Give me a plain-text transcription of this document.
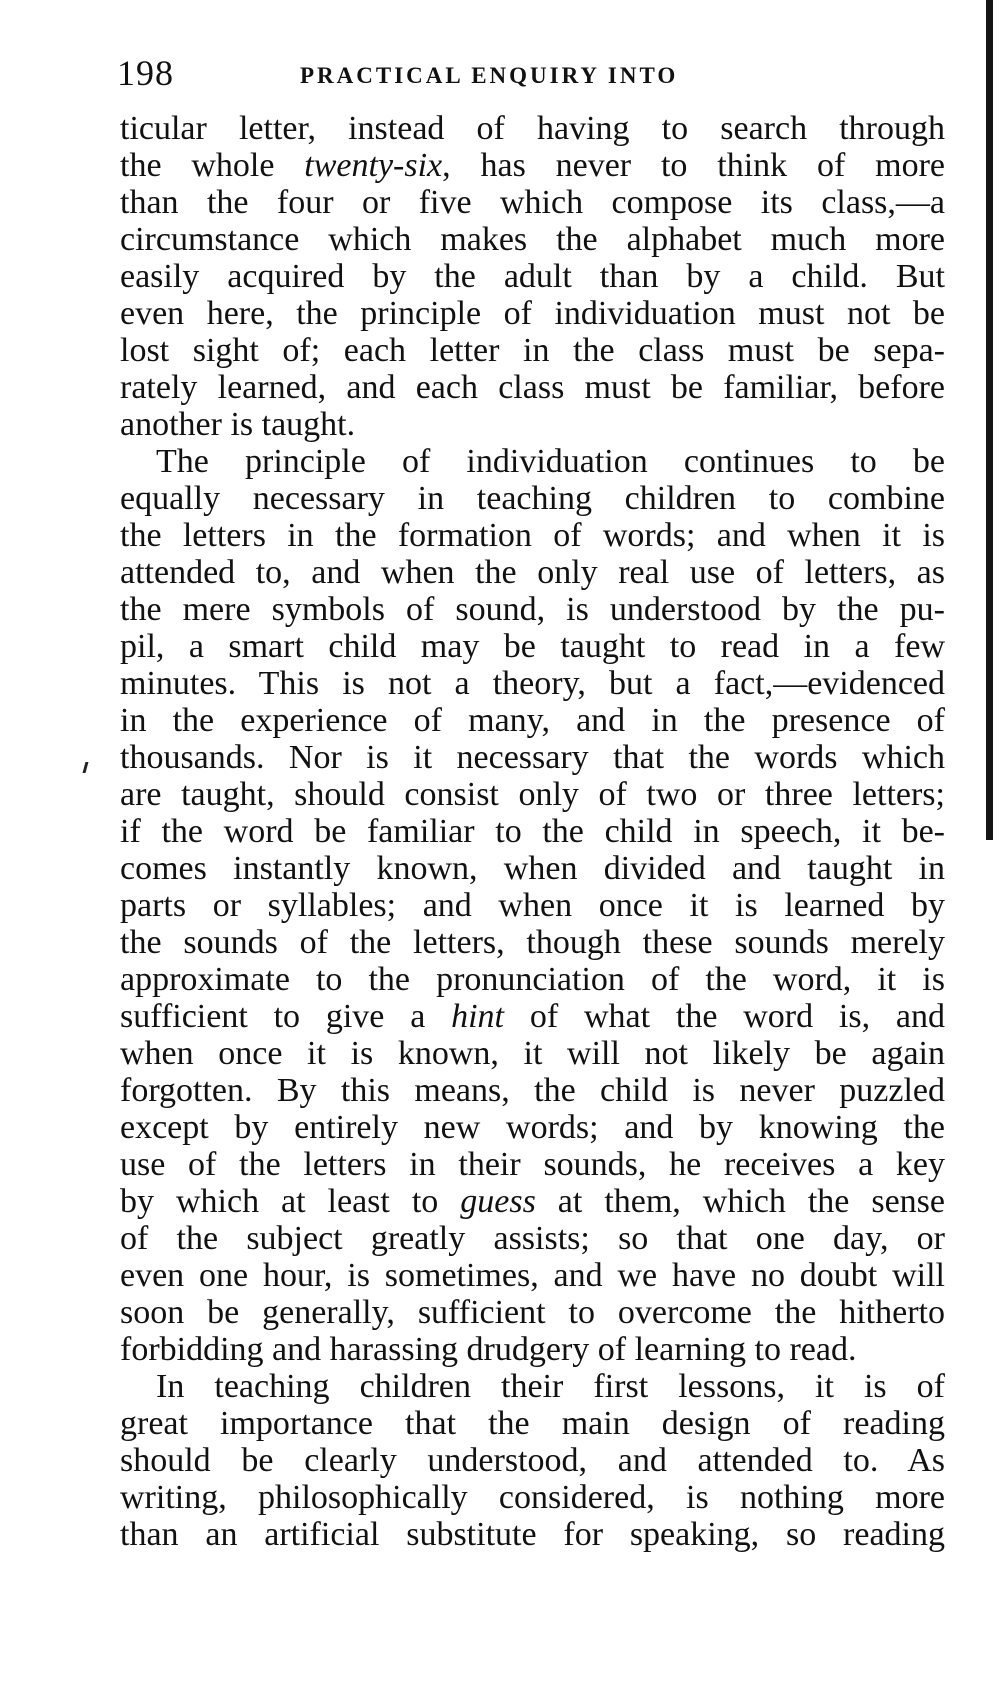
198	PRACTICAL ENQUIRY INTO
ticular letter, instead of having to search through
the whole twenty-six, has never to think of more
than the four or five which compose its class,—a
circumstance which makes the alphabet much more
easily acquired by the adult than by a child. But
even here, the principle of individuation must not be
lost sight of; each letter in the class must be sepa-
rately learned, and each class must be familiar, before
another is taught.
The principle of individuation continues to be
equally necessary in teaching children to combine
the letters in the formation of words; and when it is
attended to, and when the only real use of letters, as
the mere symbols of sound, is understood by the pu-
pil, a smart child may be taught to read in a few
minutes. This is not a theory, but a fact,—evidenced
in the experience of many, and in the presence of
thousands. Nor is it necessary that the words which
are taught, should consist only of two or three letters;
if the word be familiar to the child in speech, it be-
comes instantly known, when divided and taught in
parts or syllables; and when once it is learned by
the sounds of the letters, though these sounds merely
approximate to the pronunciation of the word, it is
sufficient to give a hint of what the word is, and
when once it is known, it will not likely be again
forgotten. By this means, the child is never puzzled
except by entirely new words; and by knowing the
use of the letters in their sounds, he receives a key
by which at least to guess at them, which the sense
of the subject greatly assists; so that one day, or
even one hour, is sometimes, and we have no doubt will
soon be generally, sufficient to overcome the hitherto
forbidding and harassing drudgery of learning to read.
In teaching children their first lessons, it is of
great importance that the main design of reading
should be clearly understood, and attended to. As
writing, philosophically considered, is nothing more
than an artificial substitute for speaking, so reading
